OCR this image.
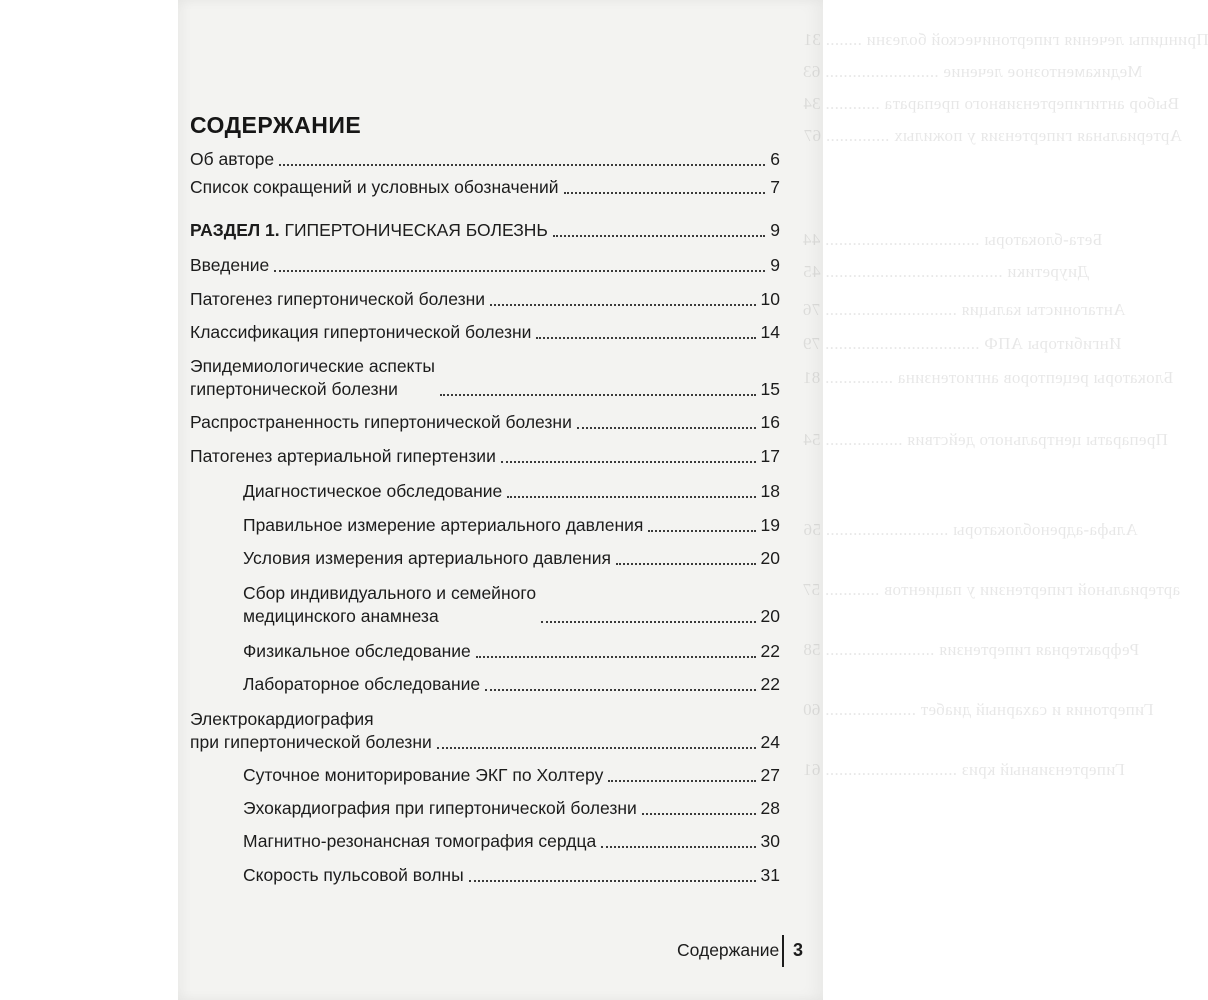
Принципы лечения гипертонической болезни ........ 31
Медикаментозное лечение ......................... 63
Выбор антигипертензивного препарата ............ 34
Артериальная гипертензия у пожилых .............. 67
Бета-блокаторы .................................. 44
Диуретики ....................................... 45
Антагонисты кальция ............................. 76
Ингибиторы АПФ .................................. 79
Блокаторы рецепторов ангиотензина ............... 81
Препараты центрального действия ................. 54
Альфа-адреноблокаторы ........................... 56
артериальной гипертензии у пациентов ............ 57
Рефрактерная гипертензия ........................ 58
Гипертония и сахарный диабет .................... 60
Гипертензивный криз ............................. 61
СОДЕРЖАНИЕ
Об авторе	6
Список сокращений и условных обозначений	7
РАЗДЕЛ 1. ГИПЕРТОНИЧЕСКАЯ БОЛЕЗНЬ	9
Введение	9
Патогенез гипертонической болезни	10
Классификация гипертонической болезни	14
Эпидемиологические аспекты
гипертонической болезни	15
Распространенность гипертонической болезни	16
Патогенез артериальной гипертензии	17
Диагностическое обследование	18
Правильное измерение артериального давления	19
Условия измерения артериального давления	20
Сбор индивидуального и семейного
медицинского анамнеза	20
Физикальное обследование	22
Лабораторное обследование	22
Электрокардиография
при гипертонической болезни	24
Суточное мониторирование ЭКГ по Холтеру	27
Эхокардиография при гипертонической болезни	28
Магнитно-резонансная томография сердца	30
Скорость пульсовой волны	31
Содержание 3
